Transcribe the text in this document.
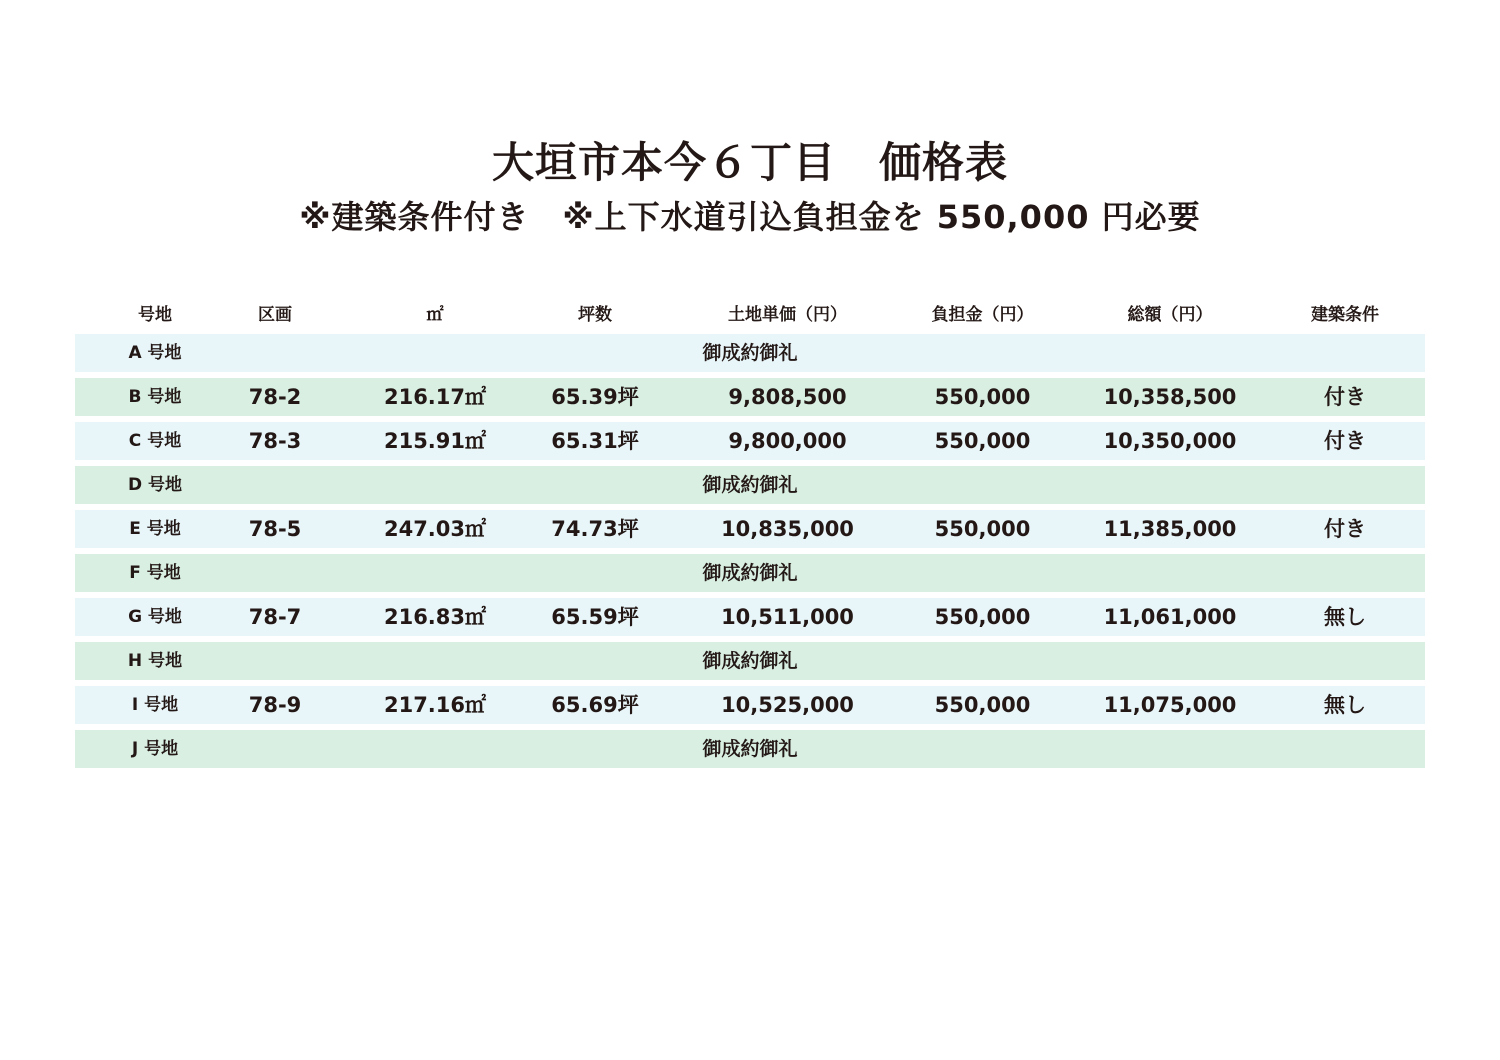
大垣市本今６丁目　価格表
※建築条件付き　※上下水道引込負担金を 550,000 円必要
号地	区画	㎡	坪数	土地単価（円）	負担金（円）	総額（円）	建築条件
A 号地	御成約御礼
B 号地	78-2	216.17㎡	65.39坪	9,808,500	550,000	10,358,500	付き
C 号地	78-3	215.91㎡	65.31坪	9,800,000	550,000	10,350,000	付き
D 号地	御成約御礼
E 号地	78-5	247.03㎡	74.73坪	10,835,000	550,000	11,385,000	付き
F 号地	御成約御礼
G 号地	78-7	216.83㎡	65.59坪	10,511,000	550,000	11,061,000	無し
H 号地	御成約御礼
I 号地	78-9	217.16㎡	65.69坪	10,525,000	550,000	11,075,000	無し
J 号地	御成約御礼
